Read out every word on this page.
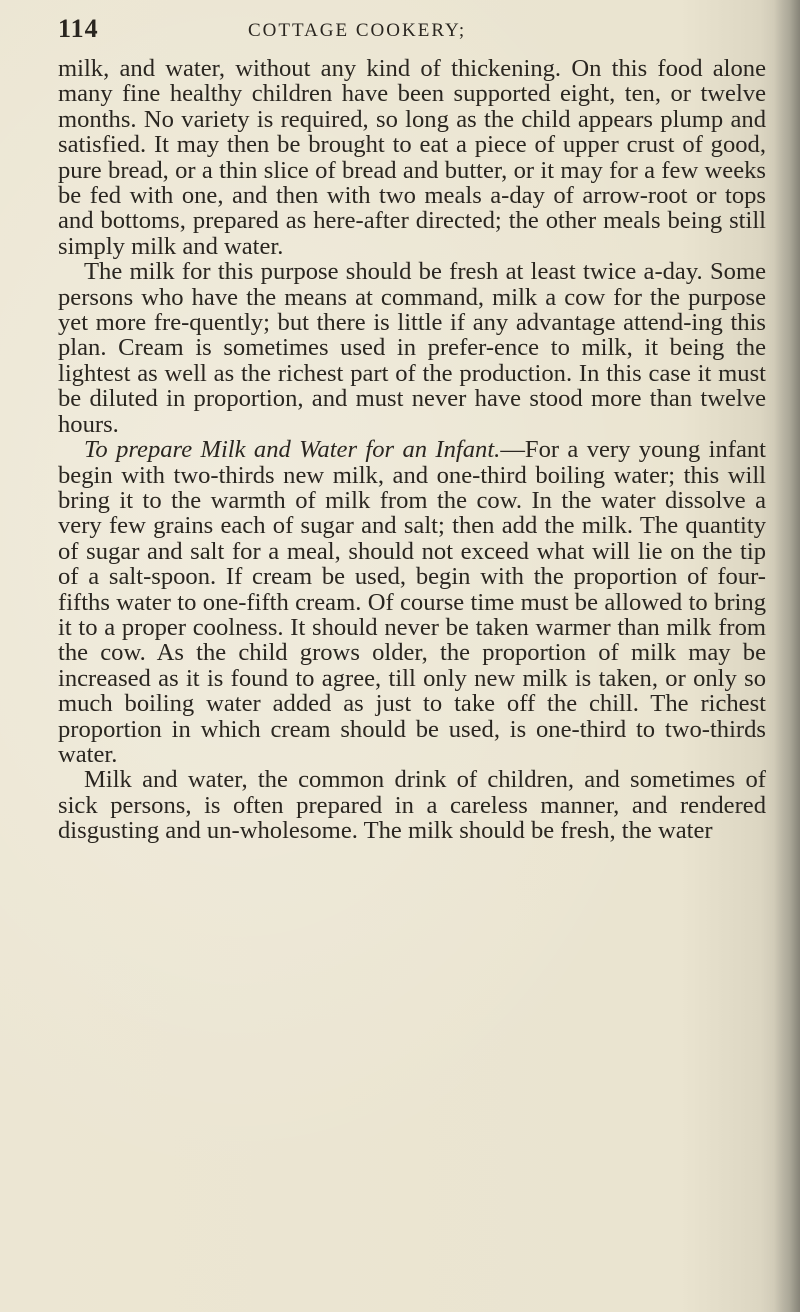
114	COTTAGE COOKERY;

milk, and water, without any kind of thickening. On this food alone many fine healthy children have been supported eight, ten, or twelve months. No variety is required, so long as the child appears plump and satisfied. It may then be brought to eat a piece of upper crust of good, pure bread, or a thin slice of bread and butter, or it may for a few weeks be fed with one, and then with two meals a-day of arrow-root or tops and bottoms, prepared as here-after directed; the other meals being still simply milk and water.

The milk for this purpose should be fresh at least twice a-day. Some persons who have the means at command, milk a cow for the purpose yet more fre-quently; but there is little if any advantage attend-ing this plan. Cream is sometimes used in prefer-ence to milk, it being the lightest as well as the richest part of the production. In this case it must be diluted in proportion, and must never have stood more than twelve hours.

To prepare Milk and Water for an Infant.—For a very young infant begin with two-thirds new milk, and one-third boiling water; this will bring it to the warmth of milk from the cow. In the water dissolve a very few grains each of sugar and salt; then add the milk. The quantity of sugar and salt for a meal, should not exceed what will lie on the tip of a salt-spoon. If cream be used, begin with the proportion of four-fifths water to one-fifth cream. Of course time must be allowed to bring it to a proper coolness. It should never be taken warmer than milk from the cow. As the child grows older, the proportion of milk may be increased as it is found to agree, till only new milk is taken, or only so much boiling water added as just to take off the chill. The richest proportion in which cream should be used, is one-third to two-thirds water.

Milk and water, the common drink of children, and sometimes of sick persons, is often prepared in a careless manner, and rendered disgusting and un-wholesome. The milk should be fresh, the water
